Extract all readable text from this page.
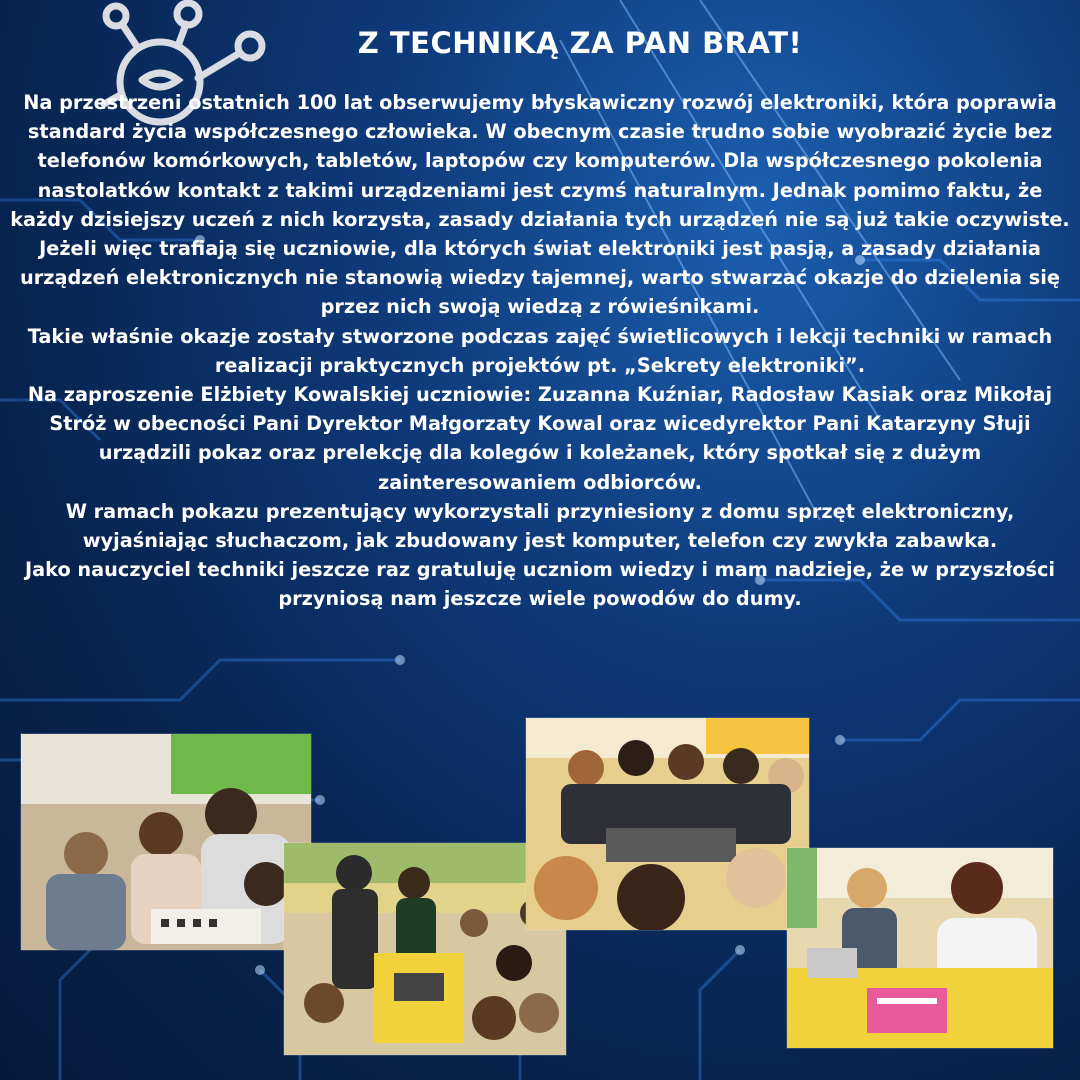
Z TECHNIKĄ ZA PAN BRAT!

Na przestrzeni ostatnich 100 lat obserwujemy błyskawiczny rozwój elektroniki, która poprawia standard życia współczesnego człowieka. W obecnym czasie trudno sobie wyobrazić życie bez telefonów komórkowych, tabletów, laptopów czy komputerów. Dla współczesnego pokolenia nastolatków kontakt z takimi urządzeniami jest czymś naturalnym. Jednak pomimo faktu, że każdy dzisiejszy uczeń z nich korzysta, zasady działania tych urządzeń nie są już takie oczywiste.

Jeżeli więc trafiają się uczniowie, dla których świat elektroniki jest pasją, a zasady działania urządzeń elektronicznych nie stanowią wiedzy tajemnej, warto stwarzać okazje do dzielenia się przez nich swoją wiedzą z rówieśnikami.

Takie właśnie okazje zostały stworzone podczas zajęć świetlicowych i lekcji techniki w ramach realizacji praktycznych projektów pt. „Sekrety elektroniki”.

Na zaproszenie Elżbiety Kowalskiej uczniowie: Zuzanna Kuźniar, Radosław Kasiak oraz Mikołaj Stróż w obecności Pani Dyrektor Małgorzaty Kowal oraz wicedyrektor Pani Katarzyny Słuji urządzili pokaz oraz prelekcję dla kolegów i koleżanek, który spotkał się z dużym zainteresowaniem odbiorców.

W ramach pokazu prezentujący wykorzystali przyniesiony z domu sprzęt elektroniczny, wyjaśniając słuchaczom, jak zbudowany jest komputer, telefon czy zwykła zabawka.

Jako nauczyciel techniki jeszcze raz gratuluję uczniom wiedzy i mam nadzieje, że w przyszłości przyniosą nam jeszcze wiele powodów do dumy.
